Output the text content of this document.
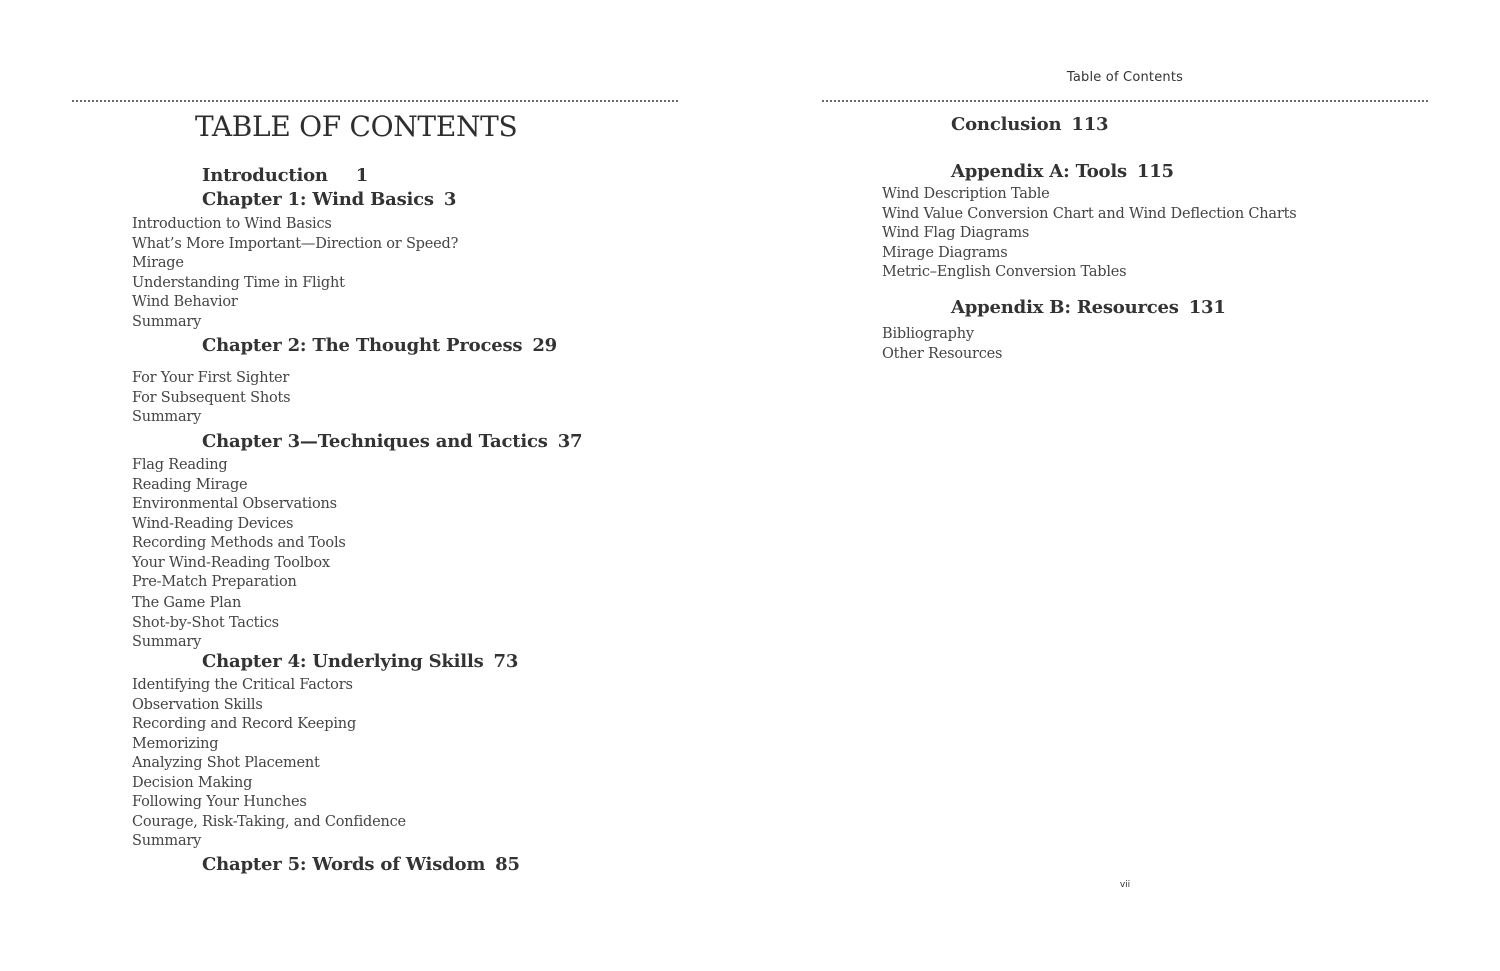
TABLE OF CONTENTS
Introduction 1
Chapter 1: Wind Basics 3
Introduction to Wind Basics
What’s More Important—Direction or Speed?
Mirage
Understanding Time in Flight
Wind Behavior
Summary
Chapter 2: The Thought Process 29
For Your First Sighter
For Subsequent Shots
Summary
Chapter 3—Techniques and Tactics 37
Flag Reading
Reading Mirage
Environmental Observations
Wind-Reading Devices
Recording Methods and Tools
Your Wind-Reading Toolbox
Pre-Match Preparation
The Game Plan
Shot-by-Shot Tactics
Summary
Chapter 4: Underlying Skills 73
Identifying the Critical Factors
Observation Skills
Recording and Record Keeping
Memorizing
Analyzing Shot Placement
Decision Making
Following Your Hunches
Courage, Risk-Taking, and Confidence
Summary
Chapter 5: Words of Wisdom 85
Table of Contents
Conclusion 113
Appendix A: Tools 115
Wind Description Table
Wind Value Conversion Chart and Wind Deflection Charts
Wind Flag Diagrams
Mirage Diagrams
Metric–English Conversion Tables
Appendix B: Resources 131
Bibliography
Other Resources
vii
